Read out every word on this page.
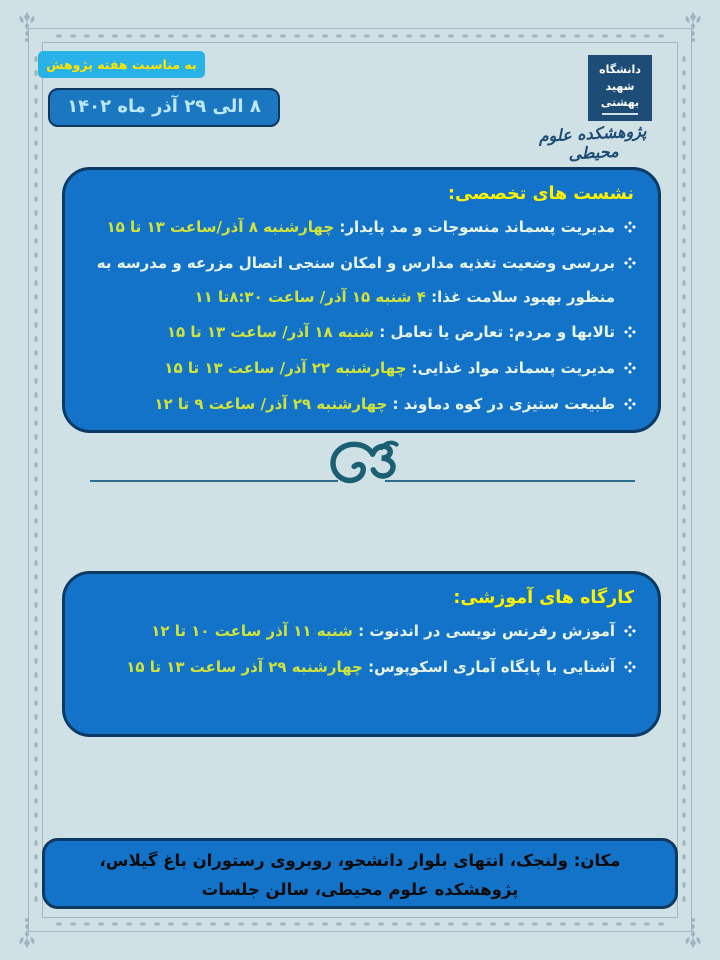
به مناسبت هفته پژوهش
۸ الی ۲۹ آذر ماه ۱۴۰۲
دانشگاه شهید بهشتی
پژوهشکده علوم محیطی
نشست های تخصصی:

مدیریت پسماند منسوجات و مد پایدار: چهارشنبه ۸ آذر/ساعت ۱۳ تا ۱۵

بررسی وضعیت تغذیه مدارس و امکان سنجی اتصال مزرعه و مدرسه به منظور بهبود سلامت غذا: ۴ شنبه ۱۵ آذر/ ساعت ۸:۳۰تا ۱۱

تالابها و مردم: تعارض یا تعامل : شنبه ۱۸ آذر/ ساعت ۱۳ تا ۱۵

مدیریت پسماند مواد غذایی: چهارشنبه ۲۲ آذر/ ساعت ۱۳ تا ۱۵

طبیعت ستیزی در کوه دماوند : چهارشنبه ۲۹ آذر/ ساعت ۹ تا ۱۲

کارگاه های آموزشی:

آموزش رفرنس نویسی در اندنوت : شنبه ۱۱ آذر ساعت ۱۰ تا ۱۲

آشنایی با پایگاه آماری اسکوپوس: چهارشنبه ۲۹ آذر ساعت ۱۳ تا ۱۵

مکان: ولنجک، انتهای بلوار دانشجو، روبروی رستوران باغ گیلاس، پژوهشکده علوم محیطی، سالن جلسات
